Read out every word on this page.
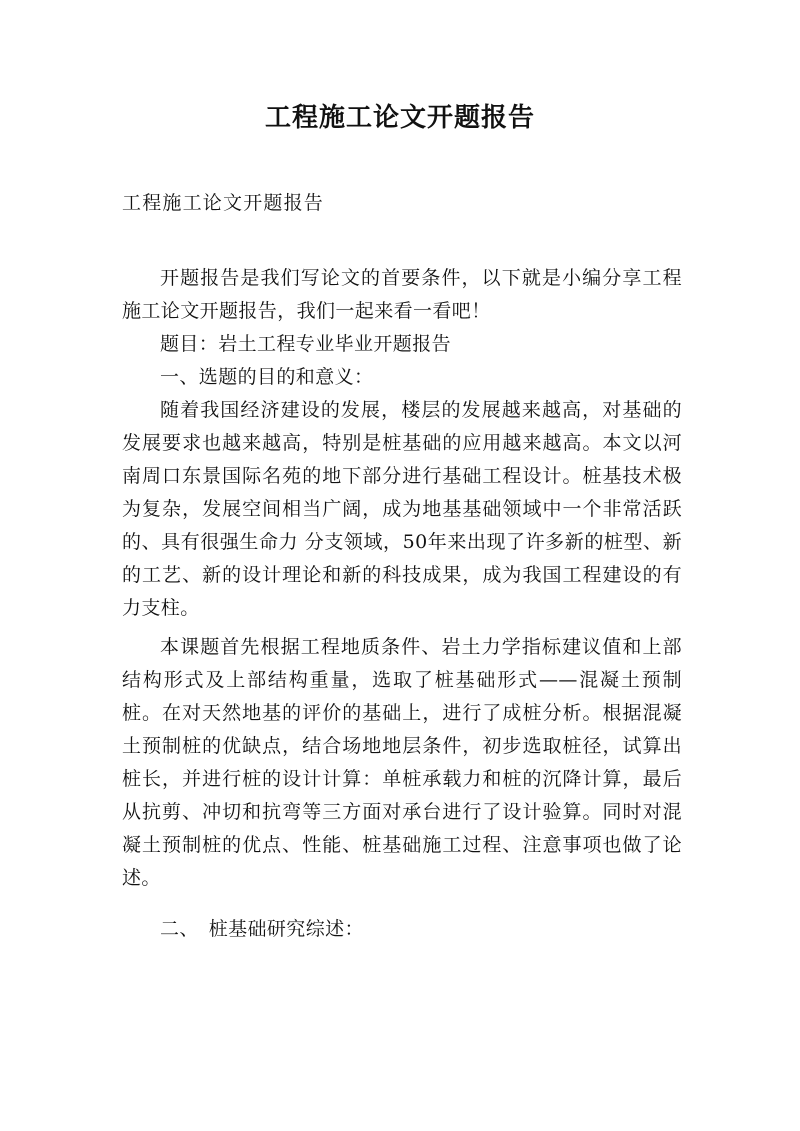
工程施工论文开题报告

工程施工论文开题报告

开题报告是我们写论文的首要条件，以下就是小编分享工程施工论文开题报告，我们一起来看一看吧！

题目：岩土工程专业毕业开题报告

一、选题的目的和意义：

随着我国经济建设的发展，楼层的发展越来越高，对基础的发展要求也越来越高，特别是桩基础的应用越来越高。本文以河南周口东景国际名苑的地下部分进行基础工程设计。桩基技术极为复杂，发展空间相当广阔，成为地基基础领域中一个非常活跃的、具有很强生命力 分支领域，50年来出现了许多新的桩型、新的工艺、新的设计理论和新的科技成果，成为我国工程建设的有力支柱。

本课题首先根据工程地质条件、岩土力学指标建议值和上部结构形式及上部结构重量，选取了桩基础形式——混凝土预制桩。在对天然地基的评价的基础上，进行了成桩分析。根据混凝土预制桩的优缺点，结合场地地层条件，初步选取桩径，试算出桩长，并进行桩的设计计算：单桩承载力和桩的沉降计算，最后从抗剪、冲切和抗弯等三方面对承台进行了设计验算。同时对混凝土预制桩的优点、性能、桩基础施工过程、注意事项也做了论述。

二、　桩基础研究综述：
